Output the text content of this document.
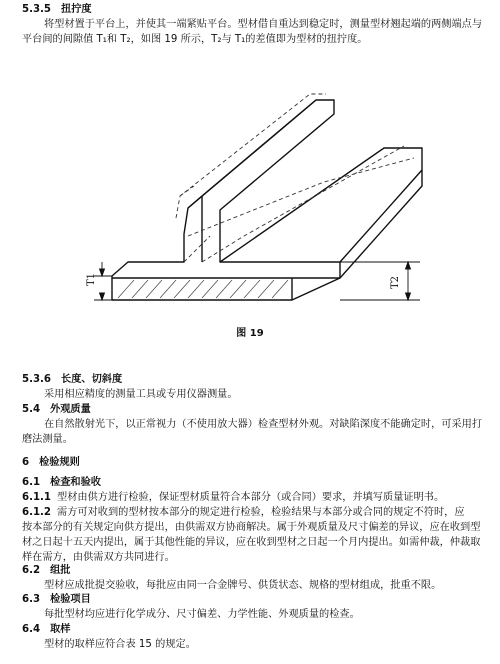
5.3.5 扭拧度
将型材置于平台上，并使其一端紧贴平台。型材借自重达到稳定时，测量型材翘起端的两侧端点与
平台间的间隙值 T₁和 T₂，如图 19 所示，T₂与 T₁的差值即为型材的扭拧度。
T1	T2
图 19
5.3.6 长度、切斜度
采用相应精度的测量工具或专用仪器测量。
5.4 外观质量
在自然散射光下，以正常视力（不使用放大器）检查型材外观。对缺陷深度不能确定时，可采用打
磨法测量。
6 检验规则
6.1 检查和验收
6.1.1 型材由供方进行检验，保证型材质量符合本部分（或合同）要求，并填写质量证明书。
6.1.2 需方可对收到的型材按本部分的规定进行检验，检验结果与本部分或合同的规定不符时，应
按本部分的有关规定向供方提出，由供需双方协商解决。属于外观质量及尺寸偏差的异议，应在收到型
材之日起十五天内提出，属于其他性能的异议，应在收到型材之日起一个月内提出。如需仲裁，仲裁取
样在需方，由供需双方共同进行。
6.2 组批
型材应成批提交验收，每批应由同一合金牌号、供货状态、规格的型材组成，批重不限。
6.3 检验项目
每批型材均应进行化学成分、尺寸偏差、力学性能、外观质量的检查。
6.4 取样
型材的取样应符合表 15 的规定。
